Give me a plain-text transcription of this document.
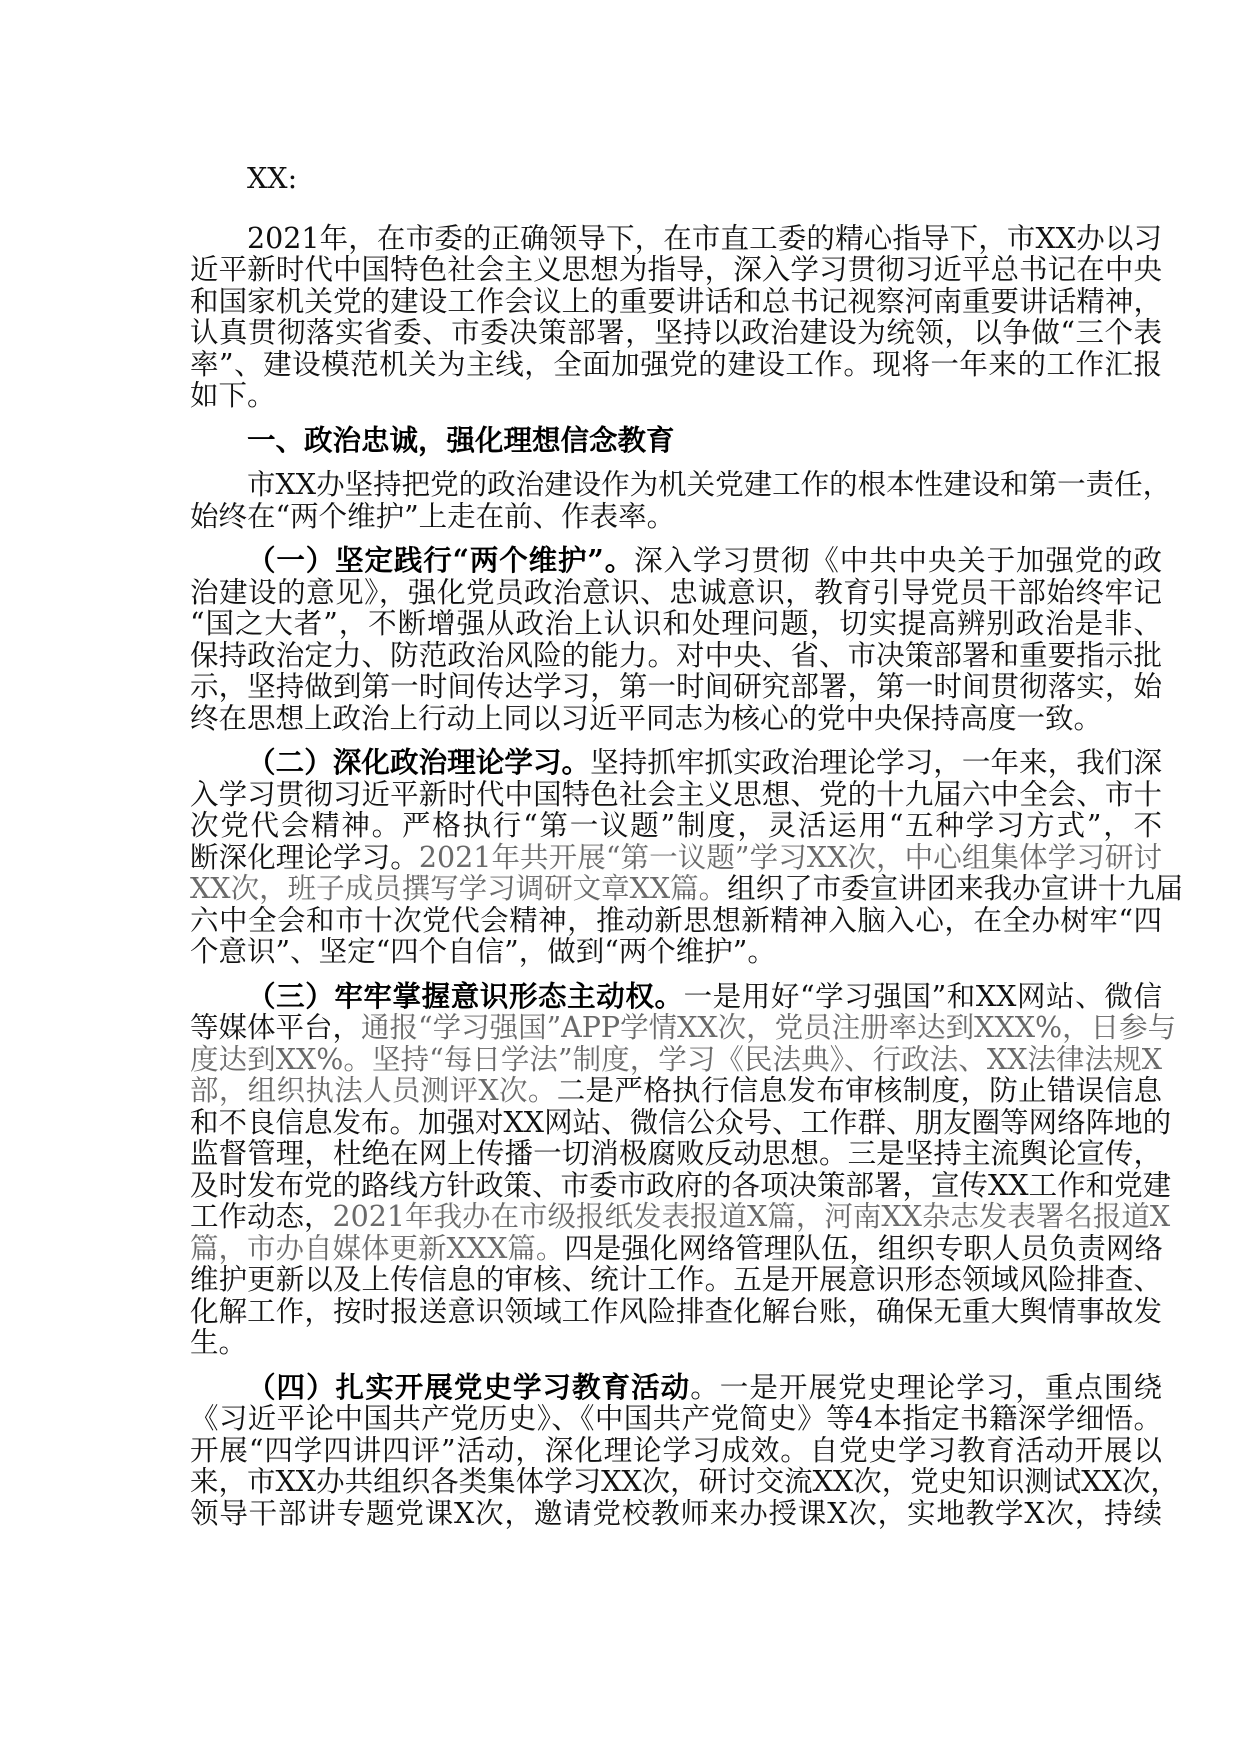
XX:
2021年，在市委的正确领导下，在市直工委的精心指导下，市XX办以习
近平新时代中国特色社会主义思想为指导，深入学习贯彻习近平总书记在中央
和国家机关党的建设工作会议上的重要讲话和总书记视察河南重要讲话精神，
认真贯彻落实省委、市委决策部署，坚持以政治建设为统领，以争做“三个表
率”、建设模范机关为主线，全面加强党的建设工作。现将一年来的工作汇报
如下。
一、政治忠诚，强化理想信念教育
市XX办坚持把党的政治建设作为机关党建工作的根本性建设和第一责任，
始终在“两个维护”上走在前、作表率。
（一）坚定践行“两个维护”。深入学习贯彻《中共中央关于加强党的政
治建设的意见》，强化党员政治意识、忠诚意识，教育引导党员干部始终牢记
“国之大者”，不断增强从政治上认识和处理问题，切实提高辨别政治是非、
保持政治定力、防范政治风险的能力。对中央、省、市决策部署和重要指示批
示，坚持做到第一时间传达学习，第一时间研究部署，第一时间贯彻落实，始
终在思想上政治上行动上同以习近平同志为核心的党中央保持高度一致。
（二）深化政治理论学习。坚持抓牢抓实政治理论学习，一年来，我们深
入学习贯彻习近平新时代中国特色社会主义思想、党的十九届六中全会、市十
次党代会精神。严格执行“第一议题”制度，灵活运用“五种学习方式”，不
断深化理论学习。2021年共开展“第一议题”学习XX次，中心组集体学习研讨
XX次，班子成员撰写学习调研文章XX篇。组织了市委宣讲团来我办宣讲十九届
六中全会和市十次党代会精神，推动新思想新精神入脑入心，在全办树牢“四
个意识”、坚定“四个自信”，做到“两个维护”。
（三）牢牢掌握意识形态主动权。一是用好“学习强国”和XX网站、微信
等媒体平台，通报“学习强国”APP学情XX次，党员注册率达到XXX%，日参与
度达到XX%。坚持“每日学法”制度，学习《民法典》、行政法、XX法律法规X
部，组织执法人员测评X次。二是严格执行信息发布审核制度，防止错误信息
和不良信息发布。加强对XX网站、微信公众号、工作群、朋友圈等网络阵地的
监督管理，杜绝在网上传播一切消极腐败反动思想。三是坚持主流舆论宣传，
及时发布党的路线方针政策、市委市政府的各项决策部署，宣传XX工作和党建
工作动态，2021年我办在市级报纸发表报道X篇，河南XX杂志发表署名报道X
篇，市办自媒体更新XXX篇。四是强化网络管理队伍，组织专职人员负责网络
维护更新以及上传信息的审核、统计工作。五是开展意识形态领域风险排查、
化解工作，按时报送意识领域工作风险排查化解台账，确保无重大舆情事故发
生。
（四）扎实开展党史学习教育活动。一是开展党史理论学习，重点围绕
《习近平论中国共产党历史》、《中国共产党简史》等4本指定书籍深学细悟。
开展“四学四讲四评”活动，深化理论学习成效。自党史学习教育活动开展以
来，市XX办共组织各类集体学习XX次，研讨交流XX次，党史知识测试XX次，
领导干部讲专题党课X次，邀请党校教师来办授课X次，实地教学X次，持续
